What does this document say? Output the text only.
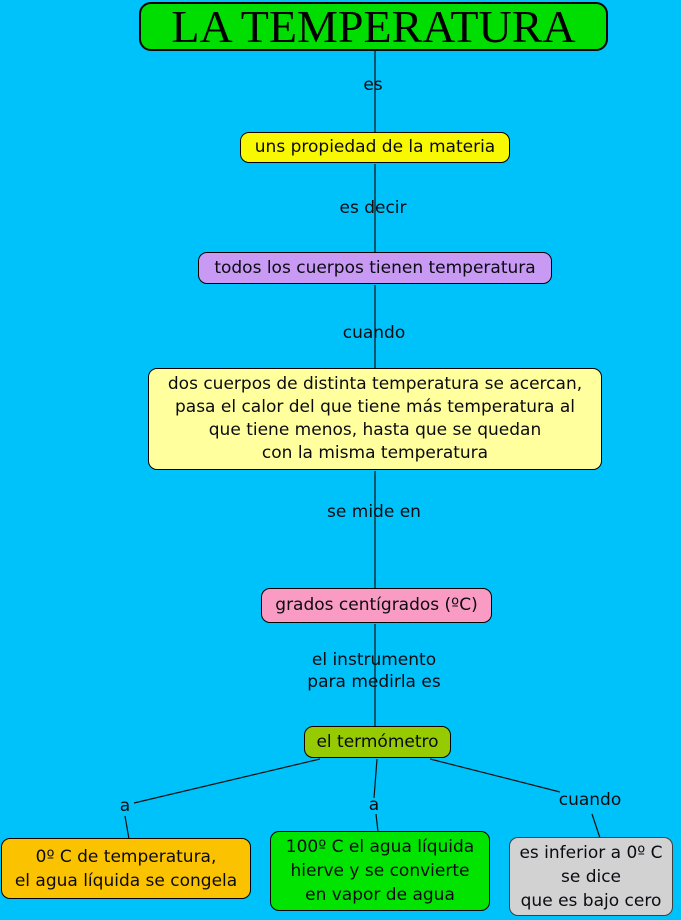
LA TEMPERATURA
es
uns propiedad de la materia
es decir
todos los cuerpos tienen temperatura
cuando
dos cuerpos de distinta temperatura se acercan,
pasa el calor del que tiene más temperatura al
que tiene menos, hasta que se quedan
con la misma temperatura
se mide en
grados centígrados (ºC)
el instrumento
para medirla es
el termómetro
a	a	cuando
0º C de temperatura,
el agua líquida se congela
100º C el agua líquida
hierve y se convierte
en vapor de agua
es inferior a 0º C
se dice
que es bajo cero
